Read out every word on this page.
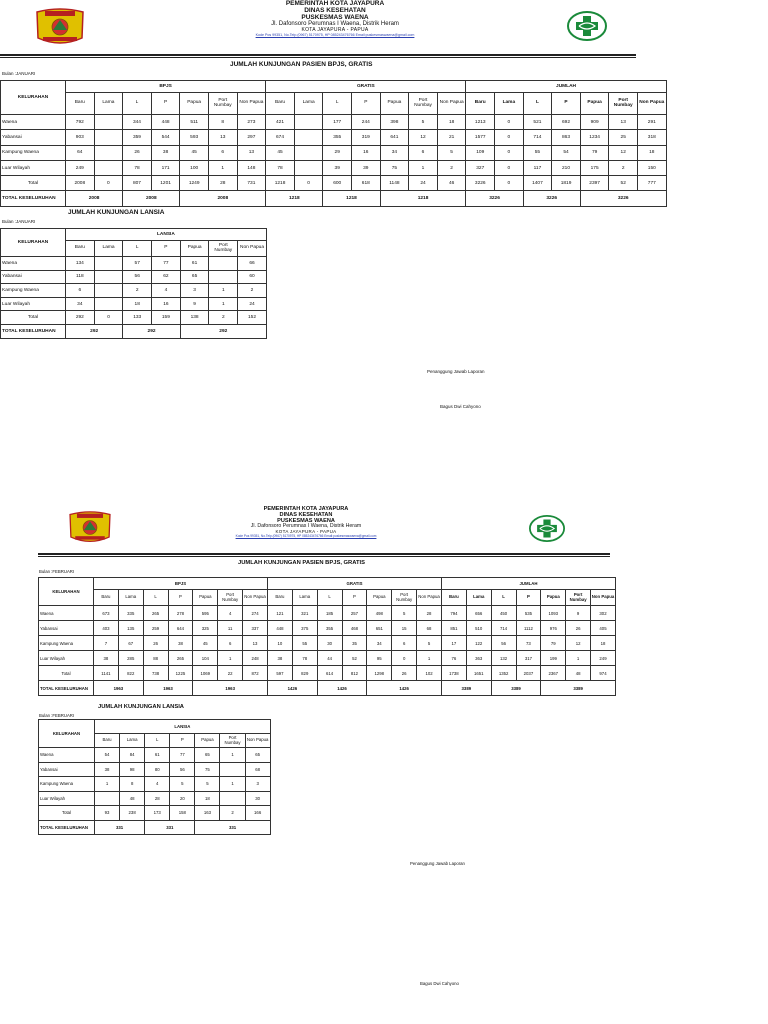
PEMERINTAH KOTA JAYAPURA
DINAS KESEHATAN
PUSKESMAS WAENA
Jl. Dafonsoro Perumnas I Waena, Distrik Heram
KOTA JAYAPURA - PAPUA
Kode Pos 99351, No.Telp.(0967) 5170975, HP 085243476766 Email:puskesmaswaena@gmail.com
JUMLAH KUNJUNGAN PASIEN BPJS, GRATIS
Bulan :JANUARI
KELURAHAN	BPJS							GRATIS							JUMLAH						
	Baru	Lama	L	P	Papua	Port Numbay	Non Papua	Baru	Lama	L	P	Papua	Port Numbay	Non Papua	Baru	Lama	L	P	Papua	Port Numbay	Non Papua
Waena	792		344	448	511	8	273	421		177	244	398	5	18	1213	0	521	692	909	13	291
Yabansai	903		359	544	593	13	297	674		355	319	641	12	21	1577	0	714	863	1234	25	318
Kampung Waena	64		26	38	45	6	13	45		29	16	34	6	5	109	0	55	54	79	12	18
Luar Wilayah	249		78	171	100	1	148	78		39	39	75	1	2	327	0	117	210	175	2	150
Total	2008	0	807	1201	1249	28	731	1218	0	600	618	1148	24	46	3226	0	1407	1819	2397	52	777
TOTAL KESELURUHAN	2008		2008		2008			1218		1218		1218			3226		3226		3226		
JUMLAH KUNJUNGAN LANSIA
Bulan :JANUARI
KELURAHAN	LANSIA						
	Baru	Lama	L	P	Papua	Port Numbay	Non Papua
Waena	134		57	77	61		66
Yabansai	118		56	62	65		60
Kampung Waena	6		2	4	3	1	2
Luar Wilayah	34		18	16	9	1	24
Total	292	0	133	159	138	2	152
TOTAL KESELURUHAN	292		292		292		
Penanggung Jawab Laporan
Bagus Dwi Cahyono
PEMERINTAH KOTA JAYAPURA
DINAS KESEHATAN
PUSKESMAS WAENA
Jl. Dafonsoro Perumnas I Waena, Distrik Heram
KOTA JAYAPURA - PAPUA
Kode Pos 99351, No.Telp.(0967) 5170975, HP 085243476766 Email:puskesmaswaena@gmail.com
JUMLAH KUNJUNGAN PASIEN BPJS, GRATIS
Bulan :FEBRUARI
KELURAHAN	BPJS							GRATIS							JUMLAH						
	Baru	Lama	L	P	Papua	Port Numbay	Non Papua	Baru	Lama	L	P	Papua	Port Numbay	Non Papua	Baru	Lama	L	P	Papua	Port Numbay	Non Papua
Waena	673	335	265	278	595	4	274	121	321	185	257	498	5	28	794	656	450	535	1093	9	302
Yabansai	403	135	259	644	325	11	337	448	375	355	468	651	15	68	851	510	714	1112	976	26	405
Kampung Waena	7	67	26	38	45	6	13	10	55	30	35	34	6	5	17	122	56	73	79	12	18
Luar Wilayah	38	285	88	265	104	1	248	38	78	44	52	95	0	1	76	363	132	317	199	1	249
Total	1141	822	738	1225	1069	22	872	597	829	614	812	1298	26	102	1738	1651	1352	2037	2367	48	974
TOTAL KESELURUHAN	1963		1963		1963			1426		1426		1426			3389		3389		3389		
JUMLAH KUNJUNGAN LANSIA
Bulan :FEBRUARI
KELURAHAN	LANSIA						
	Baru	Lama	L	P	Papua	Port Numbay	Non Papua
Waena	54	84	61	77	65	1	65
Yabansai	38	98	80	56	75		68
Kampung Waena	1	8	4	5	5	1	3
Luar Wilayah		48	28	20	18		30
Total	93	238	173	158	163	2	166
TOTAL KESELURUHAN	331		331		331		
Penanggung Jawab Laporan
Bagus Dwi Cahyono
